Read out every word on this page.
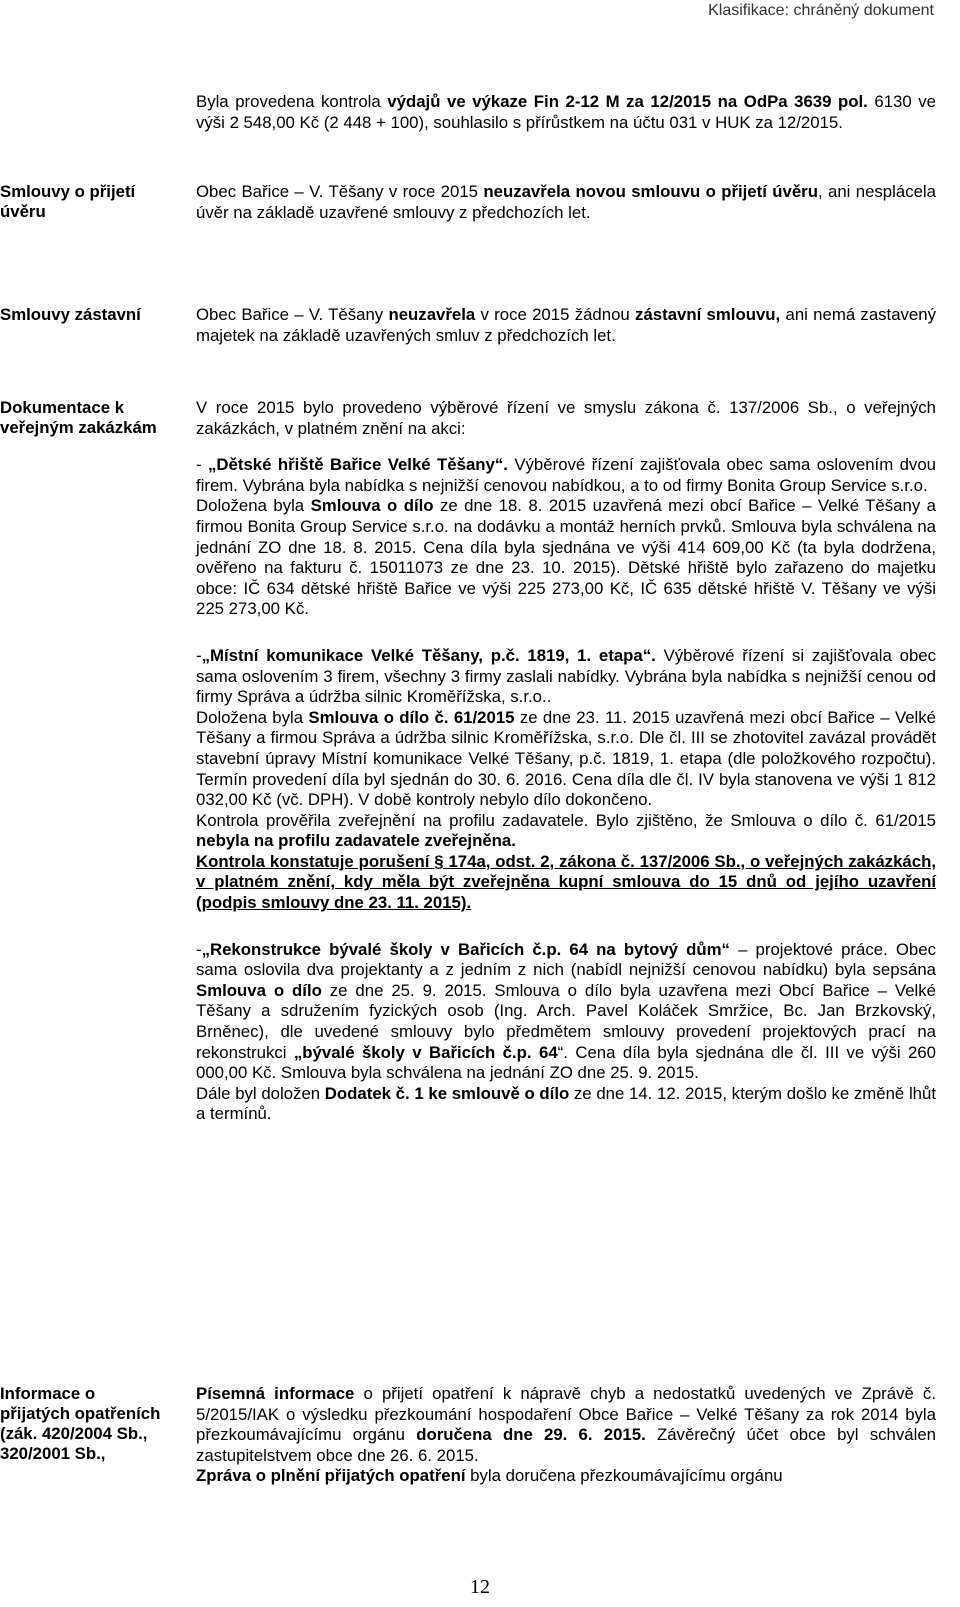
Klasifikace: chráněný dokument

Byla provedena kontrola výdajů ve výkaze Fin 2-12 M za 12/2015 na OdPa 3639 pol. 6130 ve výši 2 548,00 Kč (2 448 + 100), souhlasilo s přírůstkem na účtu 031 v HUK za 12/2015.

Smlouvy o přijetí úvěru

Obec Bařice – V. Těšany v roce 2015 neuzavřela novou smlouvu o přijetí úvěru, ani nesplácela úvěr na základě uzavřené smlouvy z předchozích let.

Smlouvy zástavní	Obec Bařice – V. Těšany neuzavřela v roce 2015 žádnou zástavní smlouvu, ani nemá zastavený majetek na základě uzavřených smluv z předchozích let.

Dokumentace k veřejným zakázkám

V roce 2015 bylo provedeno výběrové řízení ve smyslu zákona č. 137/2006 Sb., o veřejných zakázkách, v platném znění na akci:

- „Dětské hřiště Bařice Velké Těšany“. Výběrové řízení zajišťovala obec sama oslovením dvou firem. Vybrána byla nabídka s nejnižší cenovou nabídkou, a to od firmy Bonita Group Service s.r.o.

Doložena byla Smlouva o dílo ze dne 18. 8. 2015 uzavřená mezi obcí Bařice – Velké Těšany a firmou Bonita Group Service s.r.o. na dodávku a montáž herních prvků. Smlouva byla schválena na jednání ZO dne 18. 8. 2015. Cena díla byla sjednána ve výši 414 609,00 Kč (ta byla dodržena, ověřeno na fakturu č. 15011073 ze dne 23. 10. 2015). Dětské hřiště bylo zařazeno do majetku obce: IČ 634 dětské hřiště Bařice ve výši 225 273,00 Kč, IČ 635 dětské hřiště V. Těšany ve výši 225 273,00 Kč.

-„Místní komunikace Velké Těšany, p.č. 1819, 1. etapa“. Výběrové řízení si zajišťovala obec sama oslovením 3 firem, všechny 3 firmy zaslali nabídky. Vybrána byla nabídka s nejnižší cenou od firmy Správa a údržba silnic Kroměřížska, s.r.o..

Doložena byla Smlouva o dílo č. 61/2015 ze dne 23. 11. 2015 uzavřená mezi obcí Bařice – Velké Těšany a firmou Správa a údržba silnic Kroměřížska, s.r.o. Dle čl. III se zhotovitel zavázal provádět stavební úpravy Místní komunikace Velké Těšany, p.č. 1819, 1. etapa (dle položkového rozpočtu). Termín provedení díla byl sjednán do 30. 6. 2016. Cena díla dle čl. IV byla stanovena ve výši 1 812 032,00 Kč (vč. DPH). V době kontroly nebylo dílo dokončeno.

Kontrola prověřila zveřejnění na profilu zadavatele. Bylo zjištěno, že Smlouva o dílo č. 61/2015 nebyla na profilu zadavatele zveřejněna.

Kontrola konstatuje porušení § 174a, odst. 2, zákona č. 137/2006 Sb., o veřejných zakázkách, v platném znění, kdy měla být zveřejněna kupní smlouva do 15 dnů od jejího uzavření (podpis smlouvy dne 23. 11. 2015).

-„Rekonstrukce bývalé školy v Bařicích č.p. 64 na bytový dům“ – projektové práce. Obec sama oslovila dva projektanty a z jedním z nich (nabídl nejnižší cenovou nabídku) byla sepsána Smlouva o dílo ze dne 25. 9. 2015. Smlouva o dílo byla uzavřena mezi Obcí Bařice – Velké Těšany a sdružením fyzických osob (Ing. Arch. Pavel Koláček Smržice, Bc. Jan Brzkovský, Brněnec), dle uvedené smlouvy bylo předmětem smlouvy provedení projektových prací na rekonstrukci „bývalé školy v Bařicích č.p. 64“. Cena díla byla sjednána dle čl. III ve výši 260 000,00 Kč. Smlouva byla schválena na jednání ZO dne 25. 9. 2015.

Dále byl doložen Dodatek č. 1 ke smlouvě o dílo ze dne 14. 12. 2015, kterým došlo ke změně lhůt a termínů.

Informace o přijatých opatřeních (zák. 420/2004 Sb., 320/2001 Sb.,

Písemná informace o přijetí opatření k nápravě chyb a nedostatků uvedených ve Zprávě č. 5/2015/IAK o výsledku přezkoumání hospodaření Obce Bařice – Velké Těšany za rok 2014 byla přezkoumávajícímu orgánu doručena dne 29. 6. 2015. Závěrečný účet obce byl schválen zastupitelstvem obce dne 26. 6. 2015.

Zpráva o plnění přijatých opatření byla doručena přezkoumávajícímu orgánu

12
